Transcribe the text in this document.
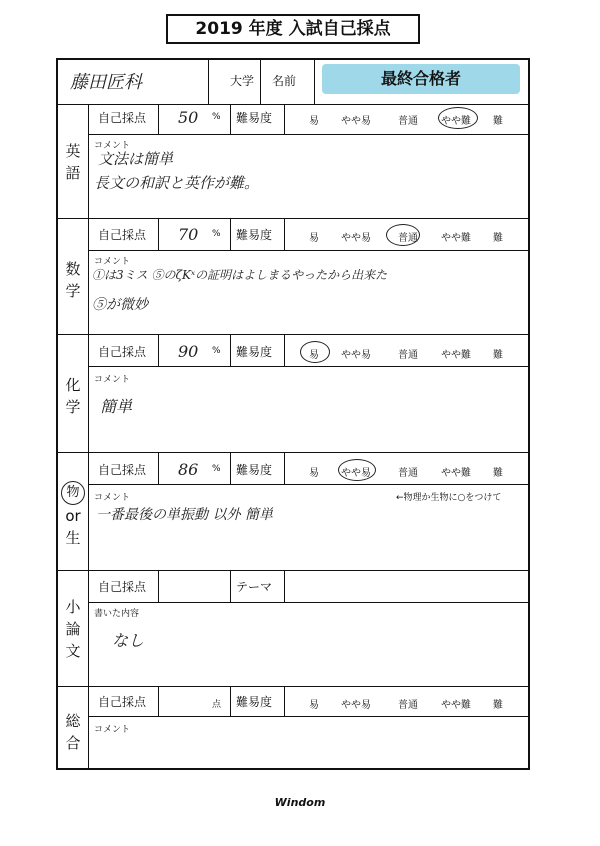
2019 年度 入試自己採点
藤田匠科	大学 名前	最終合格者
英
語
自己採点 50 % 難易度	易	やや易	普通	やや難	難
コメント
文法は簡単
長文の和訳と英作が難。
数
学
自己採点 70 % 難易度	易	やや易	普通	やや難	難
コメント
①は3ミス ⑤のζKˣの証明はよしまるやったから出来た
⑤が微妙
化
学
自己採点 90 % 難易度	易	やや易	普通	やや難	難
コメント
簡単
物
or
生
自己採点 86 % 難易度	易	やや易	普通	やや難	難
コメント	←物理か生物に○をつけて
一番最後の単振動 以外 簡単
小
論
文
自己採点	テーマ
書いた内容
なし
総
合
自己採点	点 難易度	易	やや易	普通	やや難	難
コメント
Windom
